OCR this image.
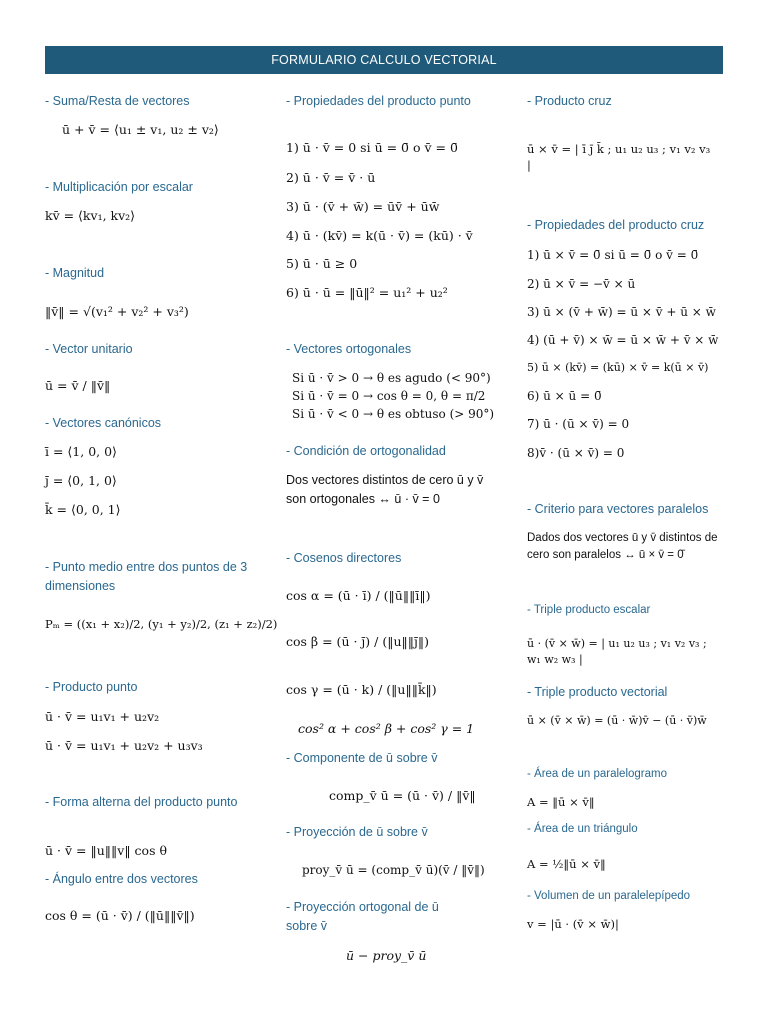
FORMULARIO CALCULO VECTORIAL
- Suma/Resta de vectores
ū + v̄ = ⟨u₁ ± v₁, u₂ ± v₂⟩
- Multiplicación por escalar
kv̄ = ⟨kv₁, kv₂⟩
- Magnitud
‖v̄‖ = √(v₁² + v₂² + v₃²)
- Vector unitario
ū = v̄ / ‖v̄‖
- Vectores canónicos
ī = ⟨1, 0, 0⟩
j̄ = ⟨0, 1, 0⟩
k̄ = ⟨0, 0, 1⟩
- Punto medio entre dos puntos de 3 dimensiones
Pₘ = ((x₁ + x₂)/2, (y₁ + y₂)/2, (z₁ + z₂)/2)
- Producto punto
ū · v̄ = u₁v₁ + u₂v₂
ū · v̄ = u₁v₁ + u₂v₂ + u₃v₃
- Forma alterna del producto punto
ū · v̄ = ‖u‖‖v‖ cos θ
- Ángulo entre dos vectores
cos θ = (ū · v̄) / (‖ū‖‖v̄‖)
- Propiedades del producto punto
1) ū · v̄ = 0 si ū = 0̄ o v̄ = 0̄
2) ū · v̄ = v̄ · ū
3) ū · (v̄ + w̄) = ūv̄ + ūw̄
4) ū · (kv̄) = k(ū · v̄) = (kū) · v̄
5) ū · ū ≥ 0
6) ū · ū = ‖ū‖² = u₁² + u₂²
- Vectores ortogonales
Si ū · v̄ > 0 → θ es agudo (< 90°)
Si ū · v̄ = 0 → cos θ = 0, θ = π/2
Si ū · v̄ < 0 → θ es obtuso (> 90°)
- Condición de ortogonalidad
Dos vectores distintos de cero ū y v̄ son ortogonales ↔ ū · v̄ = 0
- Cosenos directores
cos α = (ū · ī) / (‖ū‖‖ī‖)
cos β = (ū · j̄) / (‖u‖‖j̄‖)
cos γ = (ū · k) / (‖u‖‖k̄‖)
cos² α + cos² β + cos² γ = 1
- Componente de ū sobre v̄
comp_v̄ ū = (ū · v̄) / ‖v̄‖
- Proyección de ū sobre v̄
proy_v̄ ū = (comp_v̄ ū)(v̄ / ‖v̄‖)
- Proyección ortogonal de ū sobre v̄
ū − proy_v̄ ū
- Producto cruz
ū × v̄ = | ī j̄ k̄ ; u₁ u₂ u₃ ; v₁ v₂ v₃ |
- Propiedades del producto cruz
1) ū × v̄ = 0̄ si ū = 0̄ o v̄ = 0̄
2) ū × v̄ = −v̄ × ū
3) ū × (v̄ + w̄) = ū × v̄ + ū × w̄
4) (ū + v̄) × w̄ = ū × w̄ + v̄ × w̄
5) ū × (kv̄) = (kū) × v̄ = k(ū × v̄)
6) ū × ū = 0̄
7) ū · (ū × v̄) = 0
8)v̄ · (ū × v̄) = 0
- Criterio para vectores paralelos
Dados dos vectores ū y v̄ distintos de cero son paralelos ↔ ū × v̄ = 0̄
- Triple producto escalar
ū · (v̄ × w̄) = | u₁ u₂ u₃ ; v₁ v₂ v₃ ; w₁ w₂ w₃ |
- Triple producto vectorial
ū × (v̄ × w̄) = (ū · w̄)v̄ − (ū · v̄)w̄
- Área de un paralelogramo
A = ‖ū × v̄‖
- Área de un triángulo
A = ½‖ū × v̄‖
- Volumen de un paralelepípedo
v = |ū · (v̄ × w̄)|
